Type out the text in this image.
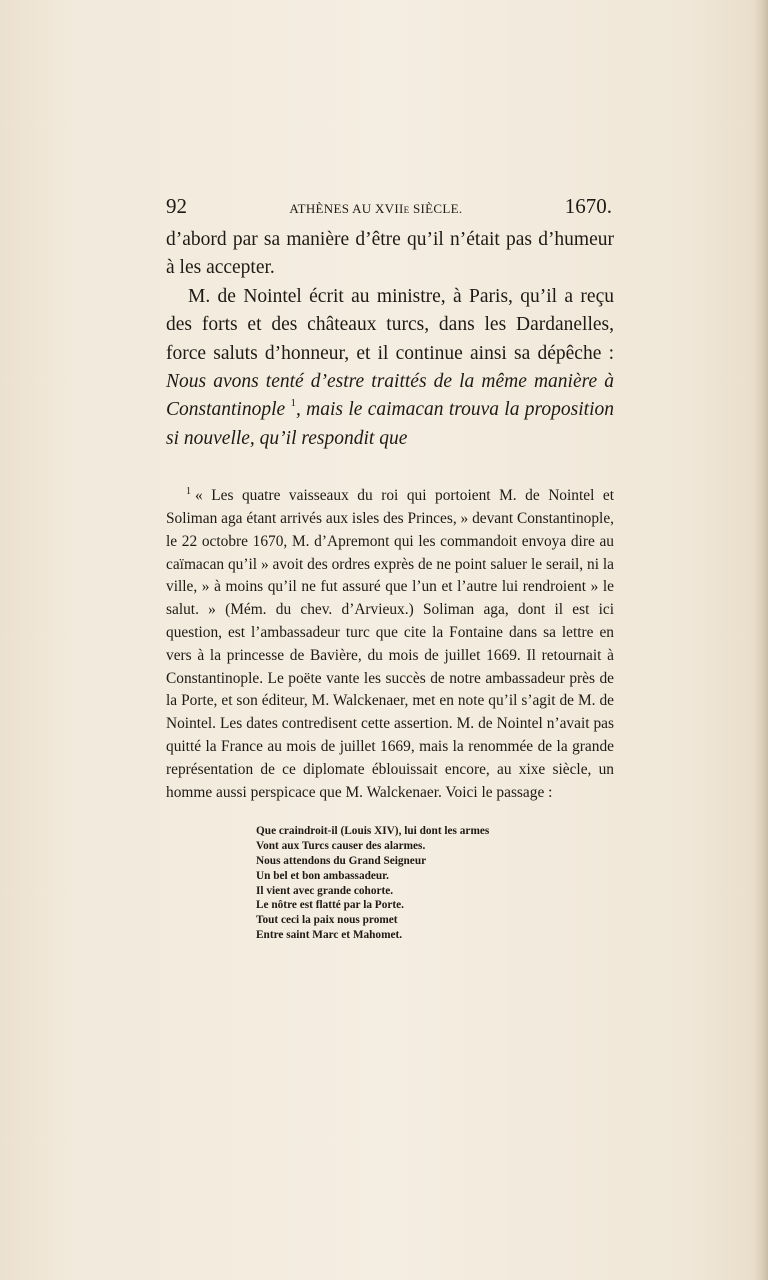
92	ATHÈNES AU XVIIe SIÈCLE.	1670.

d’abord par sa manière d’être qu’il n’était pas d’humeur à les accepter.

M. de Nointel écrit au ministre, à Paris, qu’il a reçu des forts et des châteaux turcs, dans les Dardanelles, force saluts d’honneur, et il continue ainsi sa dépêche : Nous avons tenté d’estre traittés de la même manière à Constantinople $^1$, mais le caimacan trouva la proposition si nouvelle, qu’il respondit que

$^1$ « Les quatre vaisseaux du roi qui portoient M. de Nointel et Soliman aga étant arrivés aux isles des Princes, » devant Constantinople, le 22 octobre 1670, M. d’Apremont qui les commandoit envoya dire au caïmacan qu’il » avoit des ordres exprès de ne point saluer le serail, ni la ville, » à moins qu’il ne fut assuré que l’un et l’autre lui rendroient » le salut. » (Mém. du chev. d’Arvieux.) Soliman aga, dont il est ici question, est l’ambassadeur turc que cite la Fontaine dans sa lettre en vers à la princesse de Bavière, du mois de juillet 1669. Il retournait à Constantinople. Le poëte vante les succès de notre ambassadeur près de la Porte, et son éditeur, M. Walckenaer, met en note qu’il s’agit de M. de Nointel. Les dates contredisent cette assertion. M. de Nointel n’avait pas quitté la France au mois de juillet 1669, mais la renommée de la grande représentation de ce diplomate éblouissait encore, au xixe siècle, un homme aussi perspicace que M. Walckenaer. Voici le passage :

Que craindroit-il (Louis XIV), lui dont les armes
Vont aux Turcs causer des alarmes.
Nous attendons du Grand Seigneur
Un bel et bon ambassadeur.
Il vient avec grande cohorte.
Le nôtre est flatté par la Porte.
Tout ceci la paix nous promet
Entre saint Marc et Mahomet.
